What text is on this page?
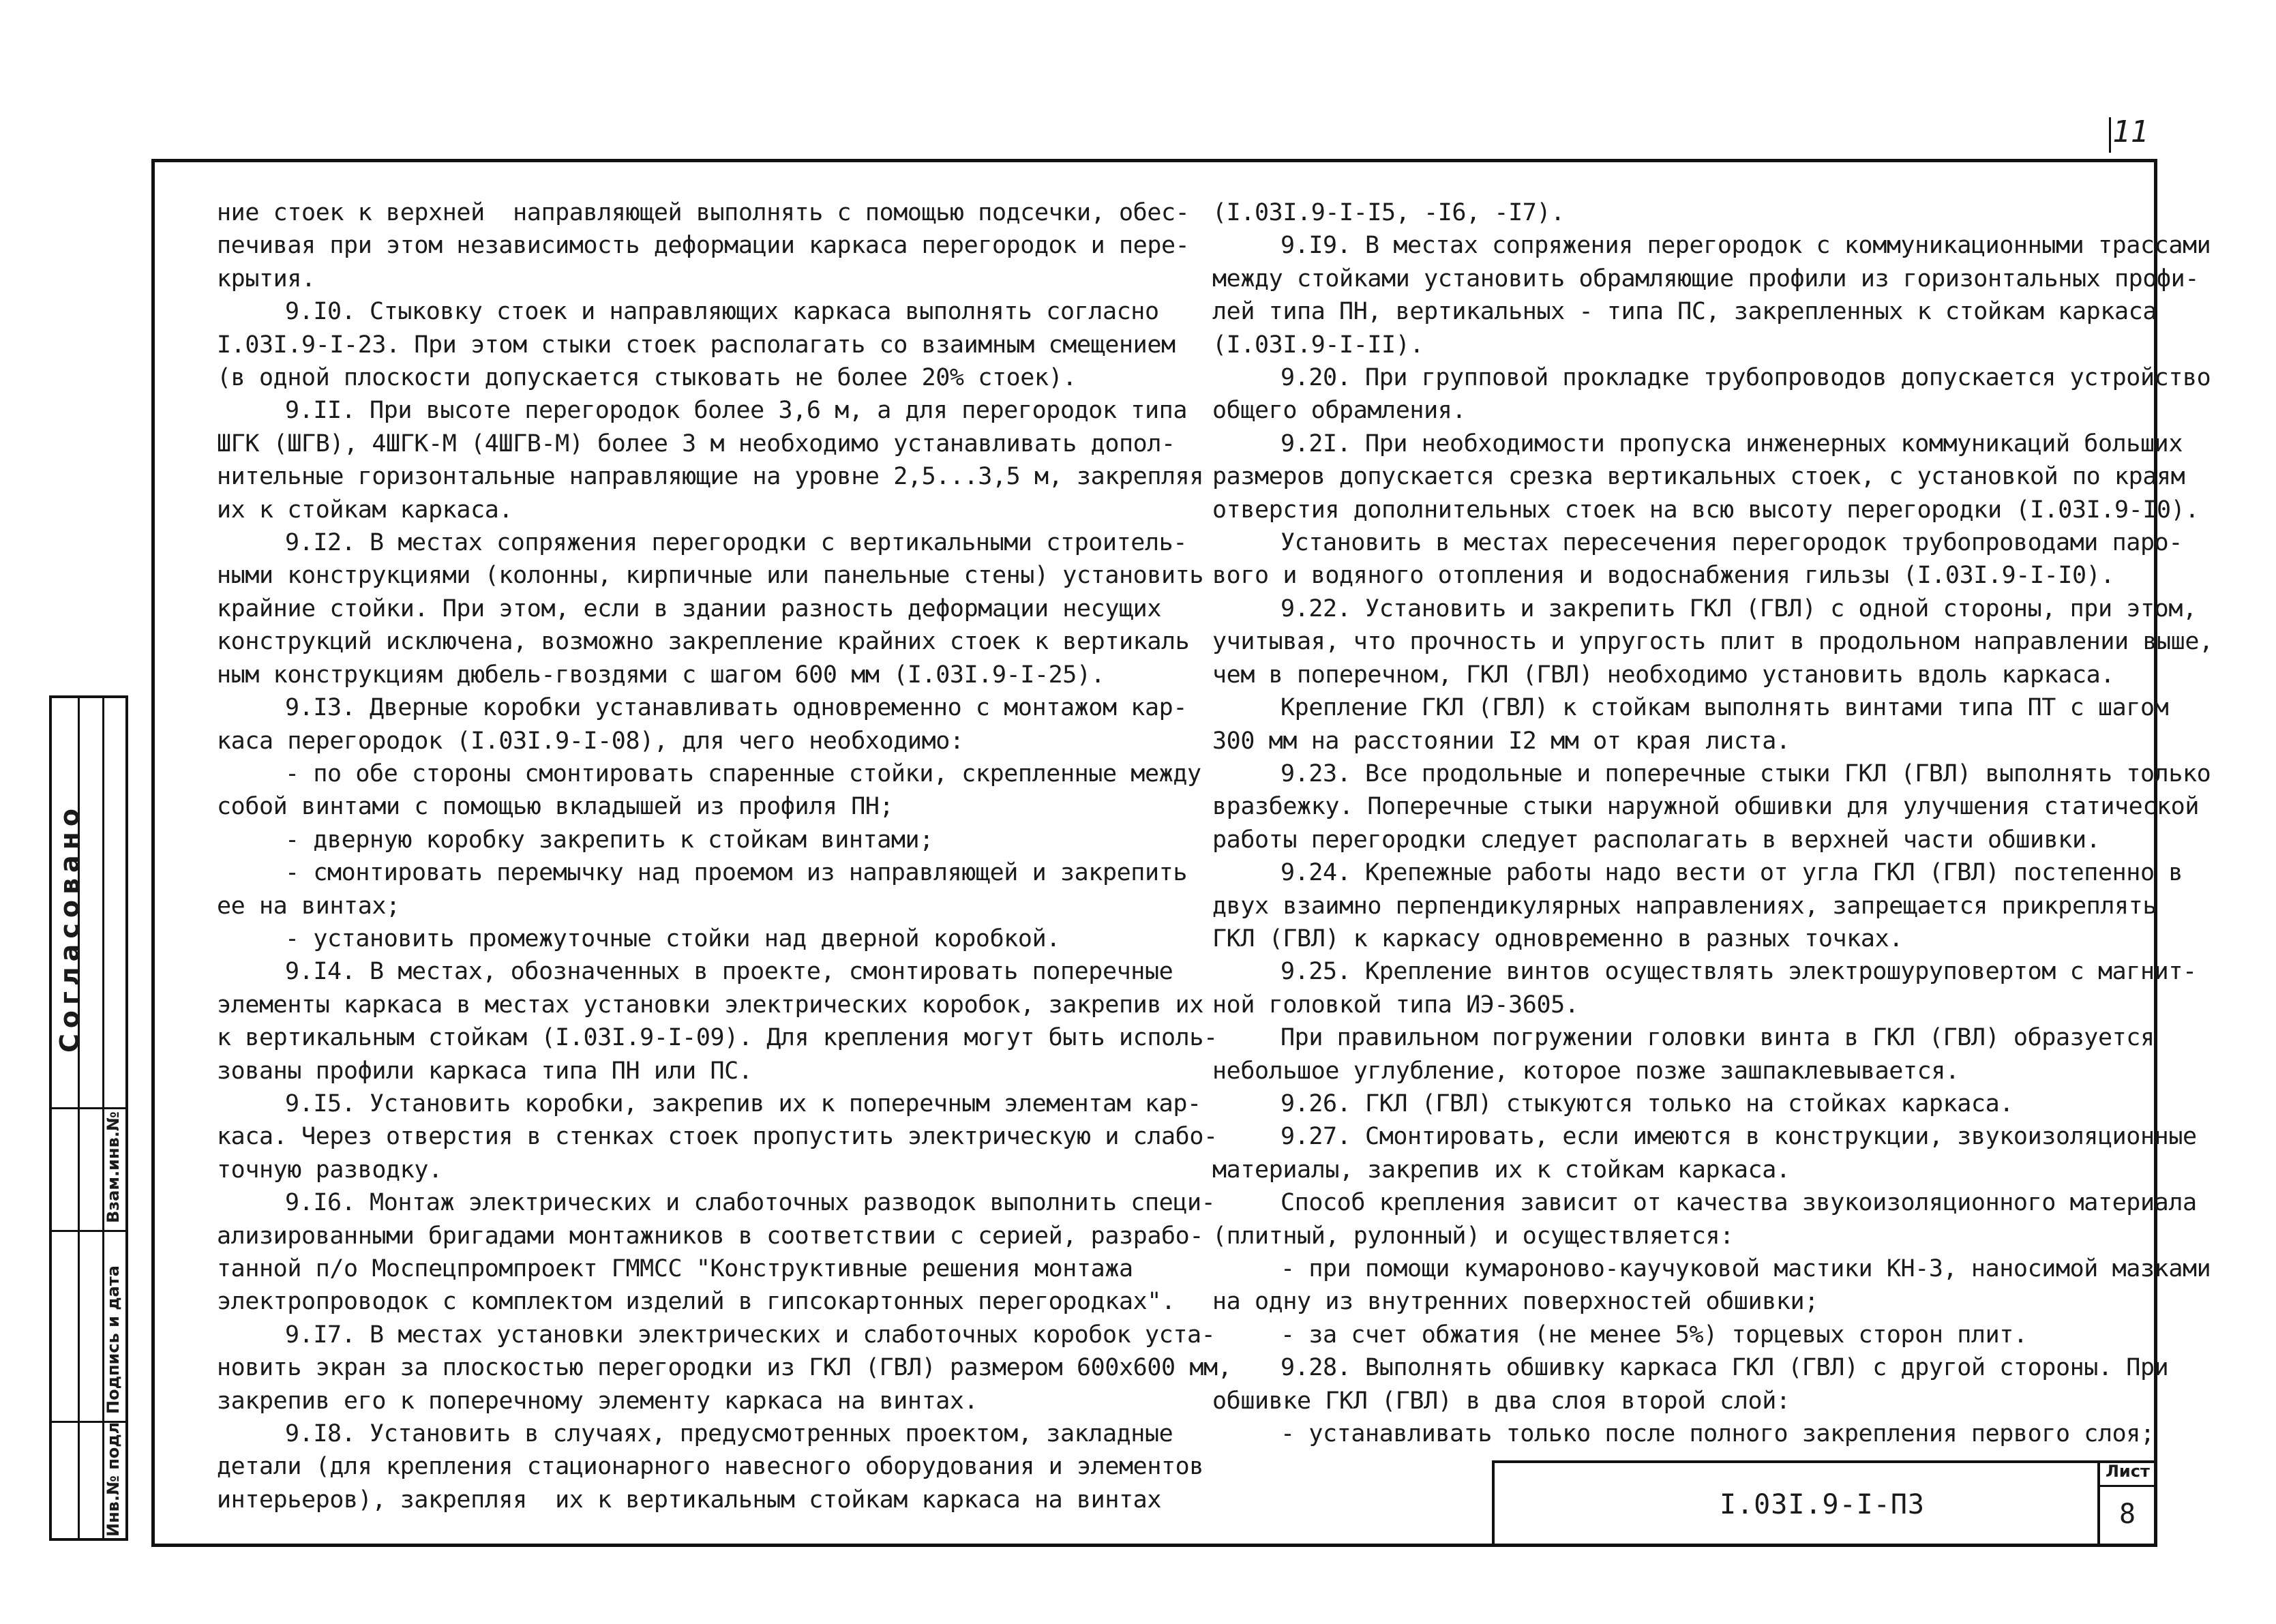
11

ние стоек к верхней  направляющей выполнять с помощью подсечки, обес-

печивая при этом независимость деформации каркаса перегородок и пере-

крытия.

9.I0. Стыковку стоек и направляющих каркаса выполнять согласно

I.03I.9-I-23. При этом стыки стоек располагать со взаимным смещением

(в одной плоскости допускается стыковать не более 20% стоек).

9.II. При высоте перегородок более 3,6 м, а для перегородок типа

ШГК (ШГВ), 4ШГК-М (4ШГВ-М) более 3 м необходимо устанавливать допол-

нительные горизонтальные направляющие на уровне 2,5...3,5 м, закрепляя

их к стойкам каркаса.

9.I2. В местах сопряжения перегородки с вертикальными строитель-

ными конструкциями (колонны, кирпичные или панельные стены) установить

крайние стойки. При этом, если в здании разность деформации несущих

конструкций исключена, возможно закрепление крайних стоек к вертикаль

ным конструкциям дюбель-гвоздями с шагом 600 мм (I.03I.9-I-25).

9.I3. Дверные коробки устанавливать одновременно с монтажом кар-

каса перегородок (I.03I.9-I-08), для чего необходимо:

- по обе стороны смонтировать спаренные стойки, скрепленные между

собой винтами с помощью вкладышей из профиля ПН;

- дверную коробку закрепить к стойкам винтами;

- смонтировать перемычку над проемом из направляющей и закрепить

ее на винтах;

- установить промежуточные стойки над дверной коробкой.

9.I4. В местах, обозначенных в проекте, смонтировать поперечные

элементы каркаса в местах установки электрических коробок, закрепив их

к вертикальным стойкам (I.03I.9-I-09). Для крепления могут быть исполь-

зованы профили каркаса типа ПН или ПС.

9.I5. Установить коробки, закрепив их к поперечным элементам кар-

каса. Через отверстия в стенках стоек пропустить электрическую и слабо-

точную разводку.

9.I6. Монтаж электрических и слаботочных разводок выполнить специ-

ализированными бригадами монтажников в соответствии с серией, разрабо-

танной п/о Моспецпромпроект ГММСС "Конструктивные решения монтажа

электропроводок с комплектом изделий в гипсокартонных перегородках".

9.I7. В местах установки электрических и слаботочных коробок уста-

новить экран за плоскостью перегородки из ГКЛ (ГВЛ) размером 600х600 мм,

закрепив его к поперечному элементу каркаса на винтах.

9.I8. Установить в случаях, предусмотренных проектом, закладные

детали (для крепления стационарного навесного оборудования и элементов

интерьеров), закрепляя  их к вертикальным стойкам каркаса на винтах

(I.03I.9-I-I5, -I6, -I7).

9.I9. В местах сопряжения перегородок с коммуникационными трассами

между стойками установить обрамляющие профили из горизонтальных профи-

лей типа ПН, вертикальных - типа ПС, закрепленных к стойкам каркаса

(I.03I.9-I-II).

9.20. При групповой прокладке трубопроводов допускается устройство

общего обрамления.

9.2I. При необходимости пропуска инженерных коммуникаций больших

размеров допускается срезка вертикальных стоек, с установкой по краям

отверстия дополнительных стоек на всю высоту перегородки (I.03I.9-I0).

Установить в местах пересечения перегородок трубопроводами паро-

вого и водяного отопления и водоснабжения гильзы (I.03I.9-I-I0).

9.22. Установить и закрепить ГКЛ (ГВЛ) с одной стороны, при этом,

учитывая, что прочность и упругость плит в продольном направлении выше,

чем в поперечном, ГКЛ (ГВЛ) необходимо установить вдоль каркаса.

Крепление ГКЛ (ГВЛ) к стойкам выполнять винтами типа ПТ с шагом

300 мм на расстоянии I2 мм от края листа.

9.23. Все продольные и поперечные стыки ГКЛ (ГВЛ) выполнять только

вразбежку. Поперечные стыки наружной обшивки для улучшения статической

работы перегородки следует располагать в верхней части обшивки.

9.24. Крепежные работы надо вести от угла ГКЛ (ГВЛ) постепенно в

двух взаимно перпендикулярных направлениях, запрещается прикреплять

ГКЛ (ГВЛ) к каркасу одновременно в разных точках.

9.25. Крепление винтов осуществлять электрошуруповертом с магнит-

ной головкой типа ИЭ-3605.

При правильном погружении головки винта в ГКЛ (ГВЛ) образуется

небольшое углубление, которое позже зашпаклевывается.

9.26. ГКЛ (ГВЛ) стыкуются только на стойках каркаса.

9.27. Смонтировать, если имеются в конструкции, звукоизоляционные

материалы, закрепив их к стойкам каркаса.

Способ крепления зависит от качества звукоизоляционного материала

(плитный, рулонный) и осуществляется:

- при помощи кумароново-каучуковой мастики КН-3, наносимой мазками

на одну из внутренних поверхностей обшивки;

- за счет обжатия (не менее 5%) торцевых сторон плит.

9.28. Выполнять обшивку каркаса ГКЛ (ГВЛ) с другой стороны. При

обшивке ГКЛ (ГВЛ) в два слоя второй слой:

- устанавливать только после полного закрепления первого слоя;

Согласовано
Взам.инв.№
Подпись и дата
Инв.№ подл	I.03I.9-I-ПЗ
Лист
8
